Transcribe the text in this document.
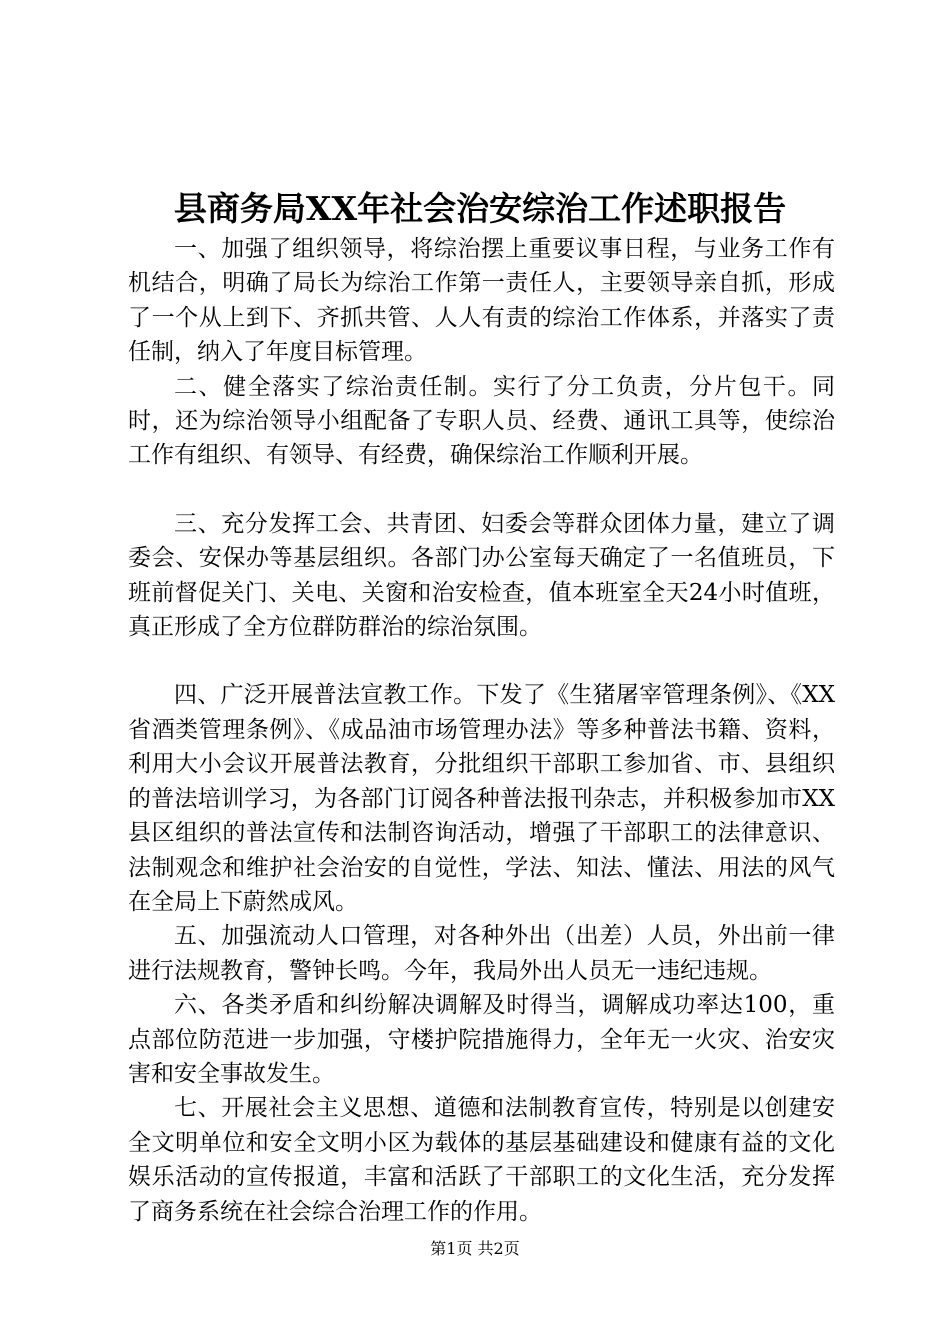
县商务局XX年社会治安综治工作述职报告

一、加强了组织领导，将综治摆上重要议事日程，与业务工作有机结合，明确了局长为综治工作第一责任人，主要领导亲自抓，形成了一个从上到下、齐抓共管、人人有责的综治工作体系，并落实了责任制，纳入了年度目标管理。

二、健全落实了综治责任制。实行了分工负责，分片包干。同时，还为综治领导小组配备了专职人员、经费、通讯工具等，使综治工作有组织、有领导、有经费，确保综治工作顺利开展。

三、充分发挥工会、共青团、妇委会等群众团体力量，建立了调委会、安保办等基层组织。各部门办公室每天确定了一名值班员，下班前督促关门、关电、关窗和治安检查，值本班室全天24小时值班，真正形成了全方位群防群治的综治氛围。

四、广泛开展普法宣教工作。下发了《生猪屠宰管理条例》、《XX省酒类管理条例》、《成品油市场管理办法》等多种普法书籍、资料，利用大小会议开展普法教育，分批组织干部职工参加省、市、县组织的普法培训学习，为各部门订阅各种普法报刊杂志，并积极参加市XX县区组织的普法宣传和法制咨询活动，增强了干部职工的法律意识、法制观念和维护社会治安的自觉性，学法、知法、懂法、用法的风气在全局上下蔚然成风。

五、加强流动人口管理，对各种外出（出差）人员，外出前一律进行法规教育，警钟长鸣。今年，我局外出人员无一违纪违规。

六、各类矛盾和纠纷解决调解及时得当，调解成功率达100，重点部位防范进一步加强，守楼护院措施得力，全年无一火灾、治安灾害和安全事故发生。

七、开展社会主义思想、道德和法制教育宣传，特别是以创建安全文明单位和安全文明小区为载体的基层基础建设和健康有益的文化娱乐活动的宣传报道，丰富和活跃了干部职工的文化生活，充分发挥了商务系统在社会综合治理工作的作用。

第1页 共2页
